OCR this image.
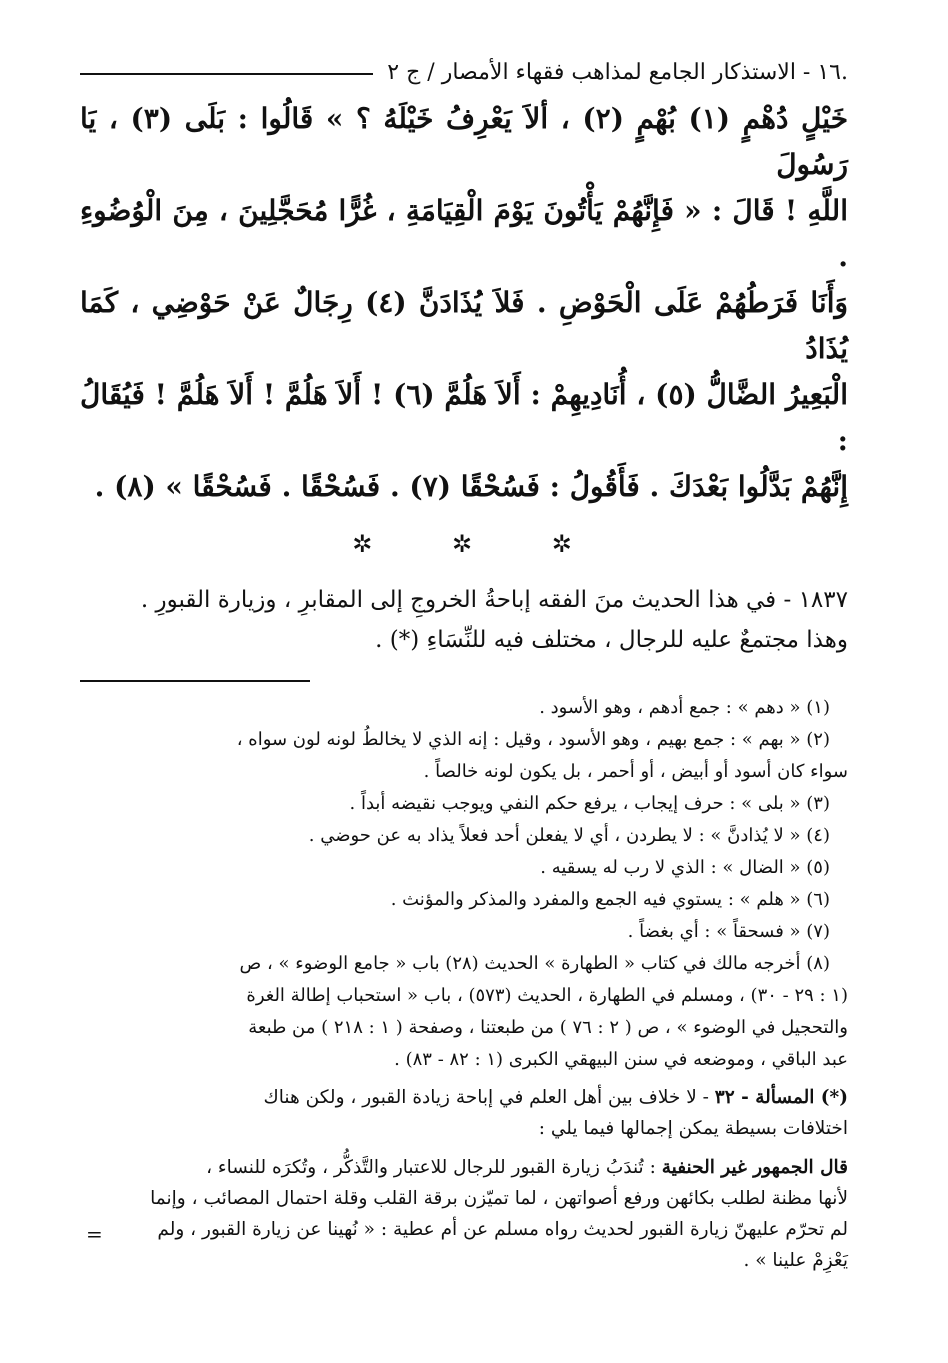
.١٦ - الاستذكار الجامع لمذاهب فقهاء الأمصار / ج ٢

خَيْلٍ دُهْمٍ (١) بُهْمٍ (٢) ، ألاَ يَعْرِفُ خَيْلَهُ ؟ » قَالُوا : بَلَى (٣) ، يَا رَسُولَ

اللَّهِ ! قَالَ : « فَإِنَّهُمْ يَأْتُونَ يَوْمَ الْقِيَامَةِ ، غُرًّا مُحَجَّلِينَ ، مِنَ الْوُضُوءِ .

وَأَنَا فَرَطُهُمْ عَلَى الْحَوْضِ . فَلاَ يُذَادَنَّ (٤) رِجَالٌ عَنْ حَوْضِي ، كَمَا يُذَادُ

الْبَعِيرُ الضَّالُّ (٥) ، أُنَادِيهِمْ : أَلاَ هَلُمَّ (٦) ! أَلاَ هَلُمَّ ! أَلاَ هَلُمَّ ! فَيُقَالُ :

إِنَّهُمْ بَدَّلُوا بَعْدَكَ . فَأَقُولُ : فَسُحْقًا (٧) . فَسُحْقًا . فَسُحْقًا » (٨) .

✲	✲	✲

١٨٣٧ - في هذا الحديث منَ الفقه إباحةُ الخروجِ إلى المقابرِ ، وزيارة القبورِ .

وهذا مجتمعٌ عليه للرجال ، مختلف فيه للنِّسَاءِ (*) .

(١) « دهم » : جمع أدهم ، وهو الأسود .

(٢) « بهم » : جمع بهيم ، وهو الأسود ، وقيل : إنه الذي لا يخالطُ لونه لون سواه ،

سواء كان أسود أو أبيض ، أو أحمر ، بل يكون لونه خالصاً .

(٣) « بلى » : حرف إيجاب ، يرفع حكم النفي ويوجب نقيضه أبداً .

(٤) « لا يُذادنَّ » : لا يطردن ، أي لا يفعلن أحد فعلاً يذاد به عن حوضي .

(٥) « الضال » : الذي لا رب له يسقيه .

(٦) « هلم » : يستوي فيه الجمع والمفرد والمذكر والمؤنث .

(٧) « فسحقاً » : أي بغضاً .

(٨) أخرجه مالك في كتاب « الطهارة » الحديث (٢٨) باب « جامع الوضوء » ، ص

(١ : ٢٩ - ٣٠) ، ومسلم في الطهارة ، الحديث (٥٧٣) ، باب « استحباب إطالة الغرة

والتحجيل في الوضوء » ، ص ( ٢ : ٧٦ ) من طبعتنا ، وصفحة ( ١ : ٢١٨ ) من طبعة

عبد الباقي ، وموضعه في سنن البيهقي الكبرى (١ : ٨٢ - ٨٣) .

(*) المسألة - ٣٢ - لا خلاف بين أهل العلم في إباحة زيادة القبور ، ولكن هناك

اختلافات بسيطة يمكن إجمالها فيما يلي :

قال الجمهور غير الحنفية : تُندَبُ زيارة القبور للرجال للاعتبار والتَّذكُّر ، وتُكرَه للنساء ،

لأنها مظنة لطلب بكائهن ورفع أصواتهن ، لما تميّزن برقة القلب وقلة احتمال المصائب ، وإنما

لم تحرّم عليهنّ زيارة القبور لحديث رواه مسلم عن أم عطية : « نُهينا عن زيارة القبور ، ولم

يَعْزِمْ علينا » .

=
